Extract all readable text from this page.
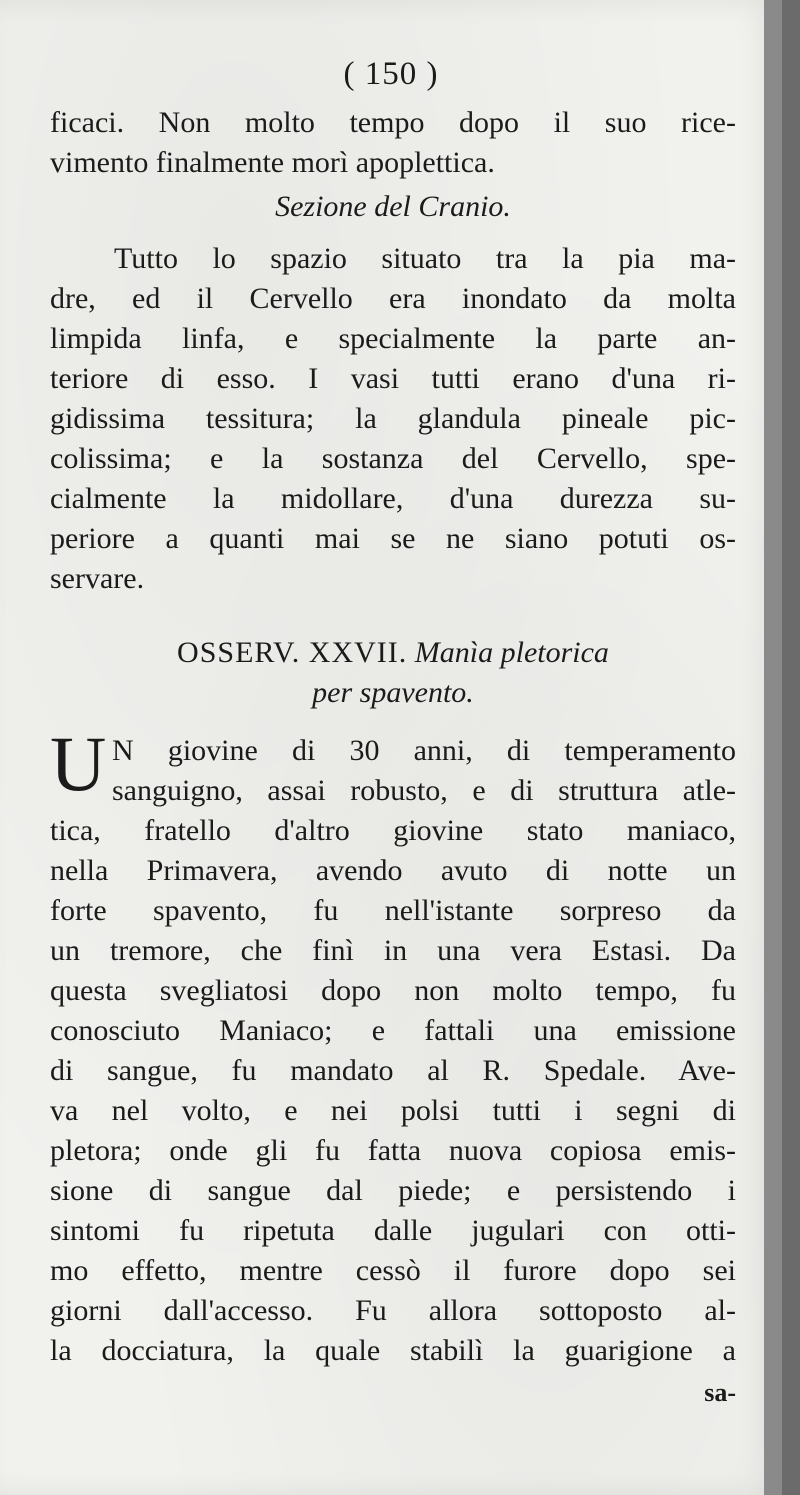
( 150 )
ficaci. Non molto tempo dopo il suo rice-
vimento finalmente morì apoplettica.
Sezione del Cranio.
Tutto lo spazio situato tra la pia ma-
dre, ed il Cervello era inondato da molta
limpida linfa, e specialmente la parte an-
teriore di esso. I vasi tutti erano d'una ri-
gidissima tessitura; la glandula pineale pic-
colissima; e la sostanza del Cervello, spe-
cialmente la midollare, d'una durezza su-
periore a quanti mai se ne siano potuti os-
servare.
OSSERV. XXVII. Manìa pletorica
per spavento.
U N giovine di 30 anni, di temperamento
sanguigno, assai robusto, e di struttura atle-
tica, fratello d'altro giovine stato maniaco,
nella Primavera, avendo avuto di notte un
forte spavento, fu nell'istante sorpreso da
un tremore, che finì in una vera Estasi. Da
questa svegliatosi dopo non molto tempo, fu
conosciuto Maniaco; e fattali una emissione
di sangue, fu mandato al R. Spedale. Ave-
va nel volto, e nei polsi tutti i segni di
pletora; onde gli fu fatta nuova copiosa emis-
sione di sangue dal piede; e persistendo i
sintomi fu ripetuta dalle jugulari con otti-
mo effetto, mentre cessò il furore dopo sei
giorni dall'accesso. Fu allora sottoposto al-
la docciatura, la quale stabilì la guarigione a
sa-
